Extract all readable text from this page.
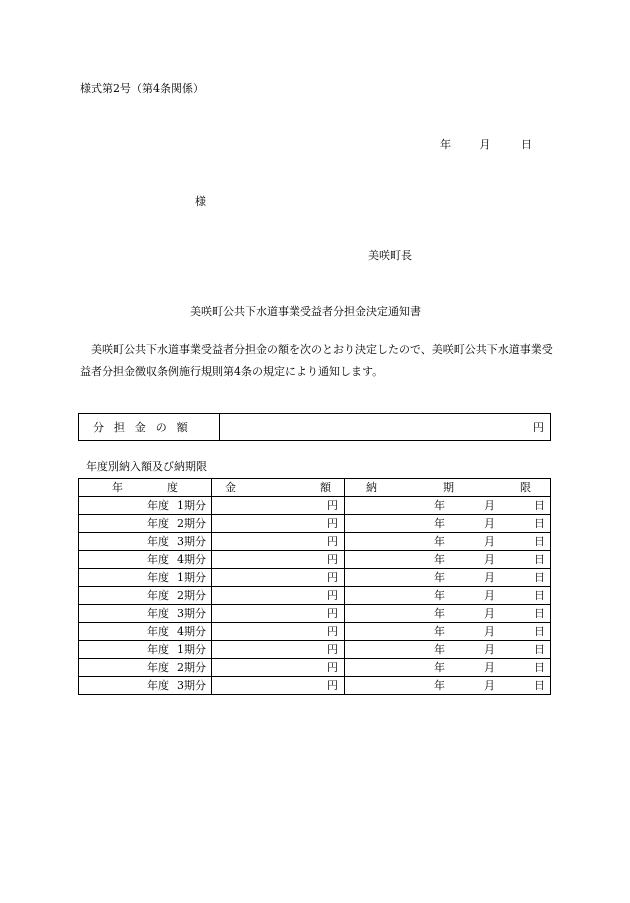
様式第2号（第4条関係）
年	月	日
様
美咲町長
美咲町公共下水道事業受益者分担金決定通知書
美咲町公共下水道事業受益者分担金の額を次のとおり決定したので、美咲町公共下水道事業受益者分担金徴収条例施行規則第4条の規定により通知します。
分担金の額	円
年度別納入額及び納期限
年 度	金 額	納 期 限

年度 1期分	円	年 月 日

年度 2期分	円	年 月 日

年度 3期分	円	年 月 日

年度 4期分	円	年 月 日

年度 1期分	円	年 月 日

年度 2期分	円	年 月 日

年度 3期分	円	年 月 日

年度 4期分	円	年 月 日

年度 1期分	円	年 月 日

年度 2期分	円	年 月 日

年度 3期分	円	年 月 日
